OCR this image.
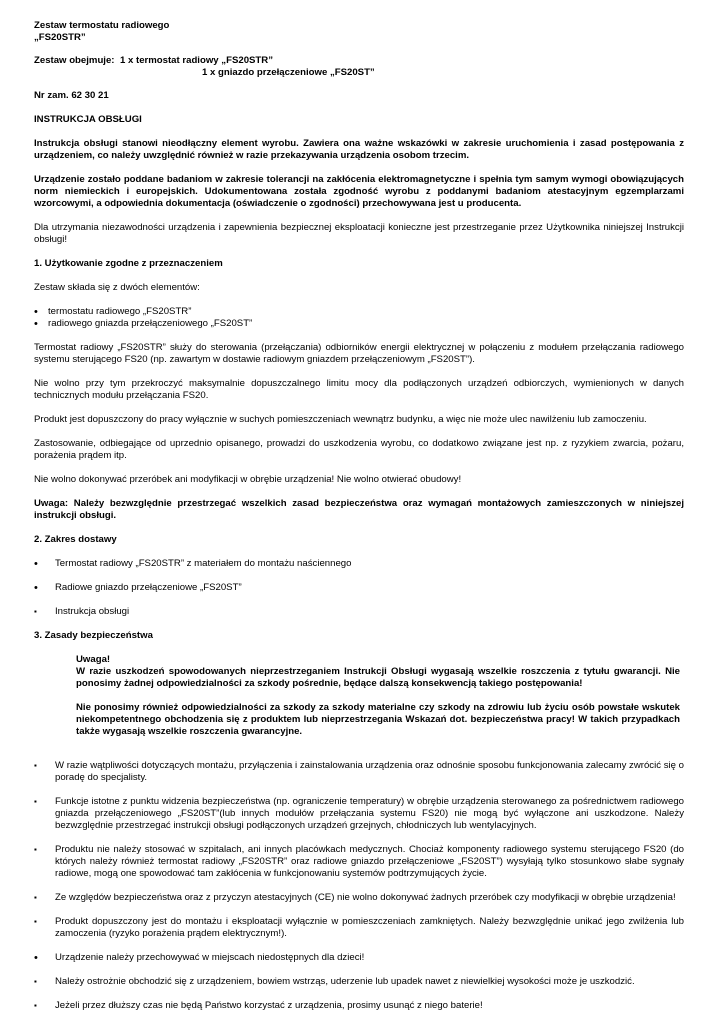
Zestaw termostatu radiowego

„FS20STR”

Zestaw obejmuje: 1 x termostat radiowy „FS20STR”
1 x gniazdo przełączeniowe „FS20ST”

Nr zam. 62 30 21

INSTRUKCJA OBSŁUGI

Instrukcja obsługi stanowi nieodłączny element wyrobu. Zawiera ona ważne wskazówki w zakresie uruchomienia i zasad postępowania z urządzeniem, co należy uwzględnić również w razie przekazywania urządzenia osobom trzecim.

Urządzenie zostało poddane badaniom w zakresie tolerancji na zakłócenia elektromagnetyczne i spełnia tym samym wymogi obowiązujących norm niemieckich i europejskich. Udokumentowana została zgodność wyrobu z poddanymi badaniom atestacyjnym egzemplarzami wzorcowymi, a odpowiednia dokumentacja (oświadczenie o zgodności) przechowywana jest u producenta.

Dla utrzymania niezawodności urządzenia i zapewnienia bezpiecznej eksploatacji konieczne jest przestrzeganie przez Użytkownika niniejszej Instrukcji obsługi!

1. Użytkowanie zgodne z przeznaczeniem

Zestaw składa się z dwóch elementów:

•
termostatu radiowego „FS20STR”
•
radiowego gniazda przełączeniowego „FS20ST”

Termostat radiowy „FS20STR” służy do sterowania (przełączania) odbiorników energii elektrycznej w połączeniu z modułem przełączania radiowego systemu sterującego FS20 (np. zawartym w dostawie radiowym gniazdem przełączeniowym „FS20ST”).

Nie wolno przy tym przekroczyć maksymalnie dopuszczalnego limitu mocy dla podłączonych urządzeń odbiorczych, wymienionych w danych technicznych modułu przełączania FS20.

Produkt jest dopuszczony do pracy wyłącznie w suchych pomieszczeniach wewnątrz budynku, a więc nie może ulec nawilżeniu lub zamoczeniu.

Zastosowanie, odbiegające od uprzednio opisanego, prowadzi do uszkodzenia wyrobu, co dodatkowo związane jest np. z ryzykiem zwarcia, pożaru, porażenia prądem itp.

Nie wolno dokonywać przeróbek ani modyfikacji w obrębie urządzenia! Nie wolno otwierać obudowy!

Uwaga: Należy bezwzględnie przestrzegać wszelkich zasad bezpieczeństwa oraz wymagań montażowych zamieszczonych w niniejszej instrukcji obsługi.

2. Zakres dostawy

•
Termostat radiowy „FS20STR” z materiałem do montażu naściennego
•
Radiowe gniazdo przełączeniowe „FS20ST”
▪
Instrukcja obsługi

3. Zasady bezpieczeństwa

Uwaga!

W razie uszkodzeń spowodowanych nieprzestrzeganiem Instrukcji Obsługi wygasają wszelkie roszczenia z tytułu gwarancji. Nie ponosimy żadnej odpowiedzialności za szkody pośrednie, będące dalszą konsekwencją takiego postępowania!

Nie ponosimy również odpowiedzialności za szkody za szkody materialne czy szkody na zdrowiu lub życiu osób powstałe wskutek niekompetentnego obchodzenia się z produktem lub nieprzestrzegania Wskazań dot. bezpieczeństwa pracy! W takich przypadkach także wygasają wszelkie roszczenia gwarancyjne.

▪
W razie wątpliwości dotyczących montażu, przyłączenia i zainstalowania urządzenia oraz odnośnie sposobu funkcjonowania zalecamy zwrócić się o poradę do specjalisty.
▪
Funkcje istotne z punktu widzenia bezpieczeństwa (np. ograniczenie temperatury) w obrębie urządzenia sterowanego za pośrednictwem radiowego gniazda przełączeniowego „FS20ST”(lub innych modułów przełączania systemu FS20) nie mogą być wyłączone ani uszkodzone. Należy bezwzględnie przestrzegać instrukcji obsługi podłączonych urządzeń grzejnych, chłodniczych lub wentylacyjnych.
▪
Produktu nie należy stosować w szpitalach, ani innych placówkach medycznych. Chociaż komponenty radiowego systemu sterującego FS20 (do których należy również termostat radiowy „FS20STR” oraz radiowe gniazdo przełączeniowe „FS20ST”) wysyłają tylko stosunkowo słabe sygnały radiowe, mogą one spowodować tam zakłócenia w funkcjonowaniu systemów podtrzymujących życie.
▪
Ze względów bezpieczeństwa oraz z przyczyn atestacyjnych (CE) nie wolno dokonywać żadnych przeróbek czy modyfikacji w obrębie urządzenia!
▪
Produkt dopuszczony jest do montażu i eksploatacji wyłącznie w pomieszczeniach zamkniętych. Należy bezwzględnie unikać jego zwilżenia lub zamoczenia (ryzyko porażenia prądem elektrycznym!).
•
Urządzenie należy przechowywać w miejscach niedostępnych dla dzieci!
▪
Należy ostrożnie obchodzić się z urządzeniem, bowiem wstrząs, uderzenie lub upadek nawet z niewielkiej wysokości może je uszkodzić.
▪
Jeżeli przez dłuższy czas nie będą Państwo korzystać z urządzenia, prosimy usunąć z niego baterie!
